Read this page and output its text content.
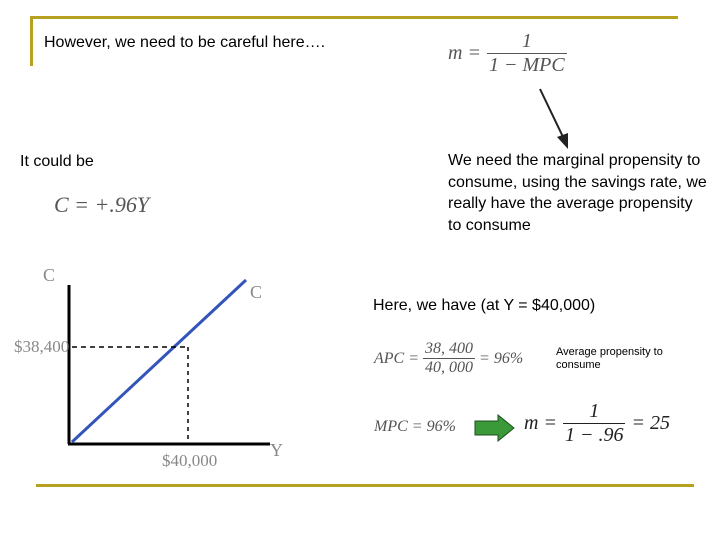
However, we need to be careful here….	$m = \frac{1}{\text{1 − MPC}}$
We need the marginal propensity to consume, using the savings rate, we really have the average propensity to consume
It could be
C = +.96Y
C
C
Y
$38,400
$40,000
Here, we have (at Y = $40,000)
APC = $\frac{38, 400}{40, 000} = 96\%$	Average propensity to consume
MPC = 96%	$m = \frac{1}{1 - .96} = 25$
